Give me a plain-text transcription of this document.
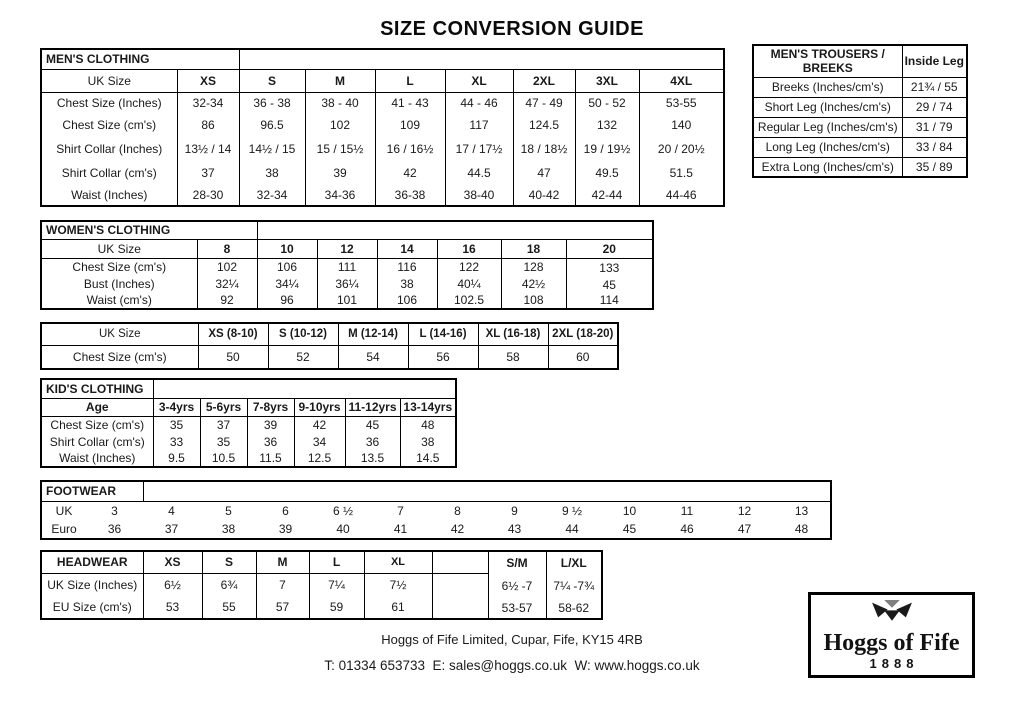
SIZE CONVERSION GUIDE
MEN'S CLOTHING								
UK Size	XS	S	M	L	XL	2XL	3XL	4XL
Chest Size (Inches)	32-34	36 - 38	38 - 40	41 - 43	44 - 46	47 - 49	50 - 52	53-55
Chest Size (cm's)	86	96.5	102	109	117	124.5	132	140
Shirt Collar (Inches)	13½ / 14	14½ / 15	15 / 15½	16 / 16½	17 / 17½	18 / 18½	19 / 19½	20 / 20½
Shirt Collar (cm's)	37	38	39	42	44.5	47	49.5	51.5
Waist (Inches)	28-30	32-34	34-36	36-38	38-40	40-42	42-44	44-46
MEN'S TROUSERS / BREEKS	Inside Leg
Breeks (Inches/cm's)	21¾ / 55
Short Leg (Inches/cm's)	29 / 74
Regular Leg (Inches/cm's)	31 / 79
Long Leg (Inches/cm's)	33 / 84
Extra Long (Inches/cm's)	35 / 89
WOMEN'S CLOTHING							
UK Size	8	10	12	14	16	18	20
Chest Size (cm's)	102	106	111	116	122	128	133
Bust (Inches)	32¼	34¼	36¼	38	40¼	42½	45
Waist (cm's)	92	96	101	106	102.5	108	114
UK Size	XS (8-10)	S (10-12)	M (12-14)	L (14-16)	XL (16-18)	2XL (18-20)
Chest Size (cm's)	50	52	54	56	58	60
KID'S CLOTHING						
Age	3-4yrs	5-6yrs	7-8yrs	9-10yrs	11-12yrs	13-14yrs
Chest Size (cm's)	35	37	39	42	45	48
Shirt Collar (cm's)	33	35	36	34	36	38
Waist (Inches)	9.5	10.5	11.5	12.5	13.5	14.5
FOOTWEAR													
UK	3	4	5	6	6 ½	7	8	9	9 ½	10	11	12	13
Euro	36	37	38	39	40	41	42	43	44	45	46	47	48
HEADWEAR	XS	S	M	L	XL		S/M	L/XL
UK Size (Inches)	6½	6¾	7	7¼	7½		6½ -7	7¼ -7¾
EU Size (cm's)	53	55	57	59	61		53-57	58-62
Hoggs of Fife Limited, Cupar, Fife, KY15 4RB
T: 01334 653733  E: sales@hoggs.co.uk  W: www.hoggs.co.uk
Hoggs of Fife
1888
